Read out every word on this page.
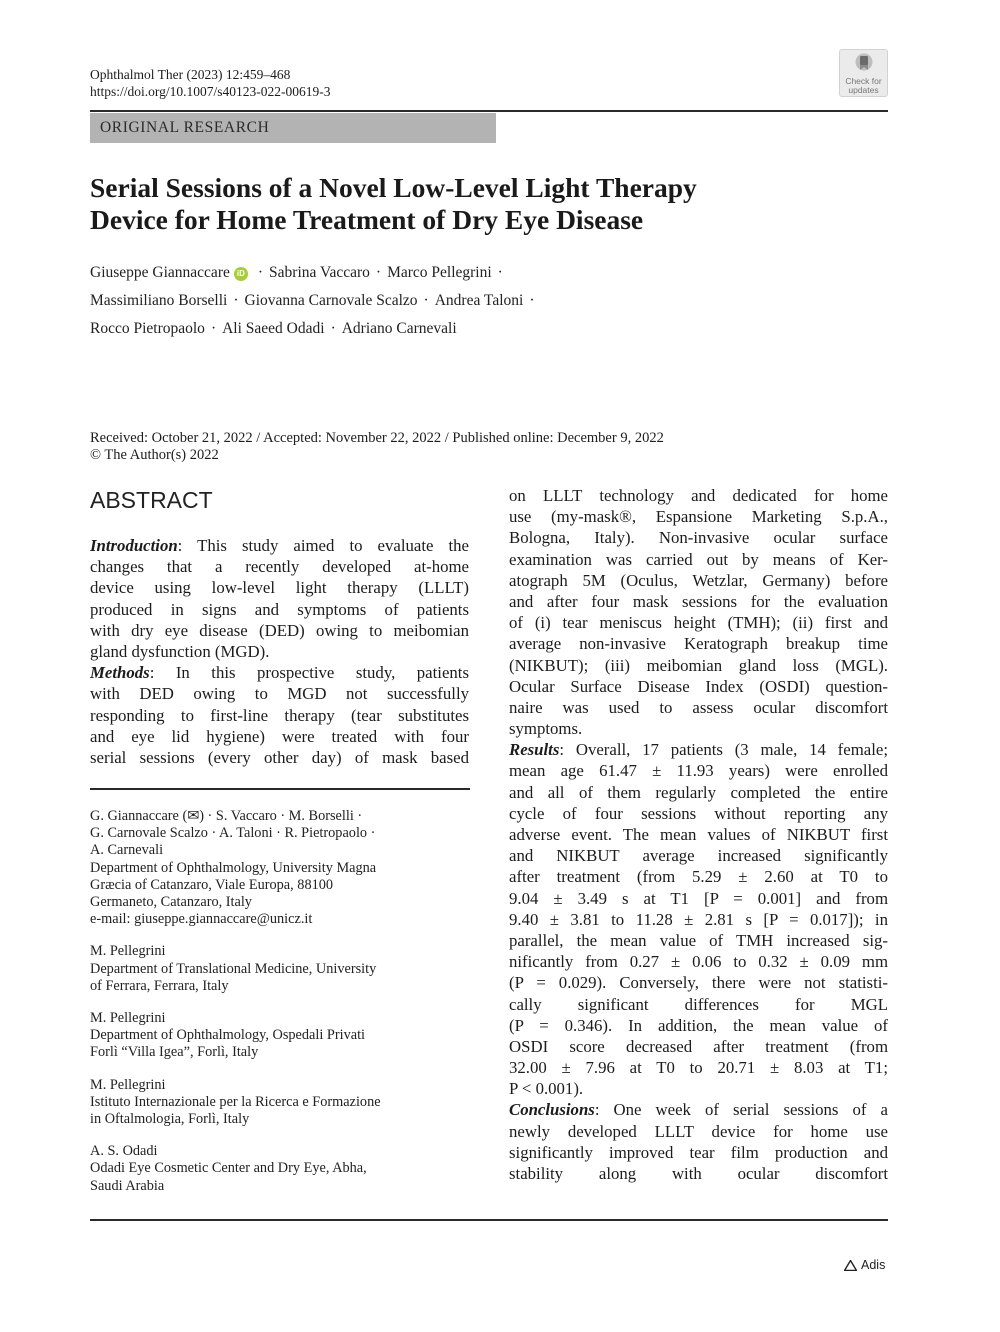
Ophthalmol Ther (2023) 12:459–468
https://doi.org/10.1007/s40123-022-00619-3
Check for
updates
ORIGINAL RESEARCH
Serial Sessions of a Novel Low-Level Light Therapy
Device for Home Treatment of Dry Eye Disease
Giuseppe Giannaccare iD · Sabrina Vaccaro · Marco Pellegrini ·
Massimiliano Borselli · Giovanna Carnovale Scalzo · Andrea Taloni ·
Rocco Pietropaolo · Ali Saeed Odadi · Adriano Carnevali
Received: October 21, 2022 / Accepted: November 22, 2022 / Published online: December 9, 2022
© The Author(s) 2022
ABSTRACT
Introduction: This study aimed to evaluate the
changes that a recently developed at-home
device using low-level light therapy (LLLT)
produced in signs and symptoms of patients
with dry eye disease (DED) owing to meibomian
gland dysfunction (MGD).
Methods: In this prospective study, patients
with DED owing to MGD not successfully
responding to first-line therapy (tear substitutes
and eye lid hygiene) were treated with four
serial sessions (every other day) of mask based
on LLLT technology and dedicated for home
use (my-mask®, Espansione Marketing S.p.A.,
Bologna, Italy). Non-invasive ocular surface
examination was carried out by means of Ker-
atograph 5M (Oculus, Wetzlar, Germany) before
and after four mask sessions for the evaluation
of (i) tear meniscus height (TMH); (ii) first and
average non-invasive Keratograph breakup time
(NIKBUT); (iii) meibomian gland loss (MGL).
Ocular Surface Disease Index (OSDI) question-
naire was used to assess ocular discomfort
symptoms.
Results: Overall, 17 patients (3 male, 14 female;
mean age 61.47 ± 11.93 years) were enrolled
and all of them regularly completed the entire
cycle of four sessions without reporting any
adverse event. The mean values of NIKBUT first
and NIKBUT average increased significantly
after treatment (from 5.29 ± 2.60 at T0 to
9.04 ± 3.49 s at T1 [P = 0.001] and from
9.40 ± 3.81 to 11.28 ± 2.81 s [P = 0.017]); in
parallel, the mean value of TMH increased sig-
nificantly from 0.27 ± 0.06 to 0.32 ± 0.09 mm
(P = 0.029). Conversely, there were not statisti-
cally significant differences for MGL
(P = 0.346). In addition, the mean value of
OSDI score decreased after treatment (from
32.00 ± 7.96 at T0 to 20.71 ± 8.03 at T1;
P < 0.001).
Conclusions: One week of serial sessions of a
newly developed LLLT device for home use
significantly improved tear film production and
stability along with ocular discomfort
G. Giannaccare (✉) · S. Vaccaro · M. Borselli ·
G. Carnovale Scalzo · A. Taloni · R. Pietropaolo ·
A. Carnevali
Department of Ophthalmology, University Magna
Græcia of Catanzaro, Viale Europa, 88100
Germaneto, Catanzaro, Italy
e-mail: giuseppe.giannaccare@unicz.it
M. Pellegrini
Department of Translational Medicine, University
of Ferrara, Ferrara, Italy
M. Pellegrini
Department of Ophthalmology, Ospedali Privati
Forlì “Villa Igea”, Forlì, Italy
M. Pellegrini
Istituto Internazionale per la Ricerca e Formazione
in Oftalmologia, Forlì, Italy
A. S. Odadi
Odadi Eye Cosmetic Center and Dry Eye, Abha,
Saudi Arabia
Adis
